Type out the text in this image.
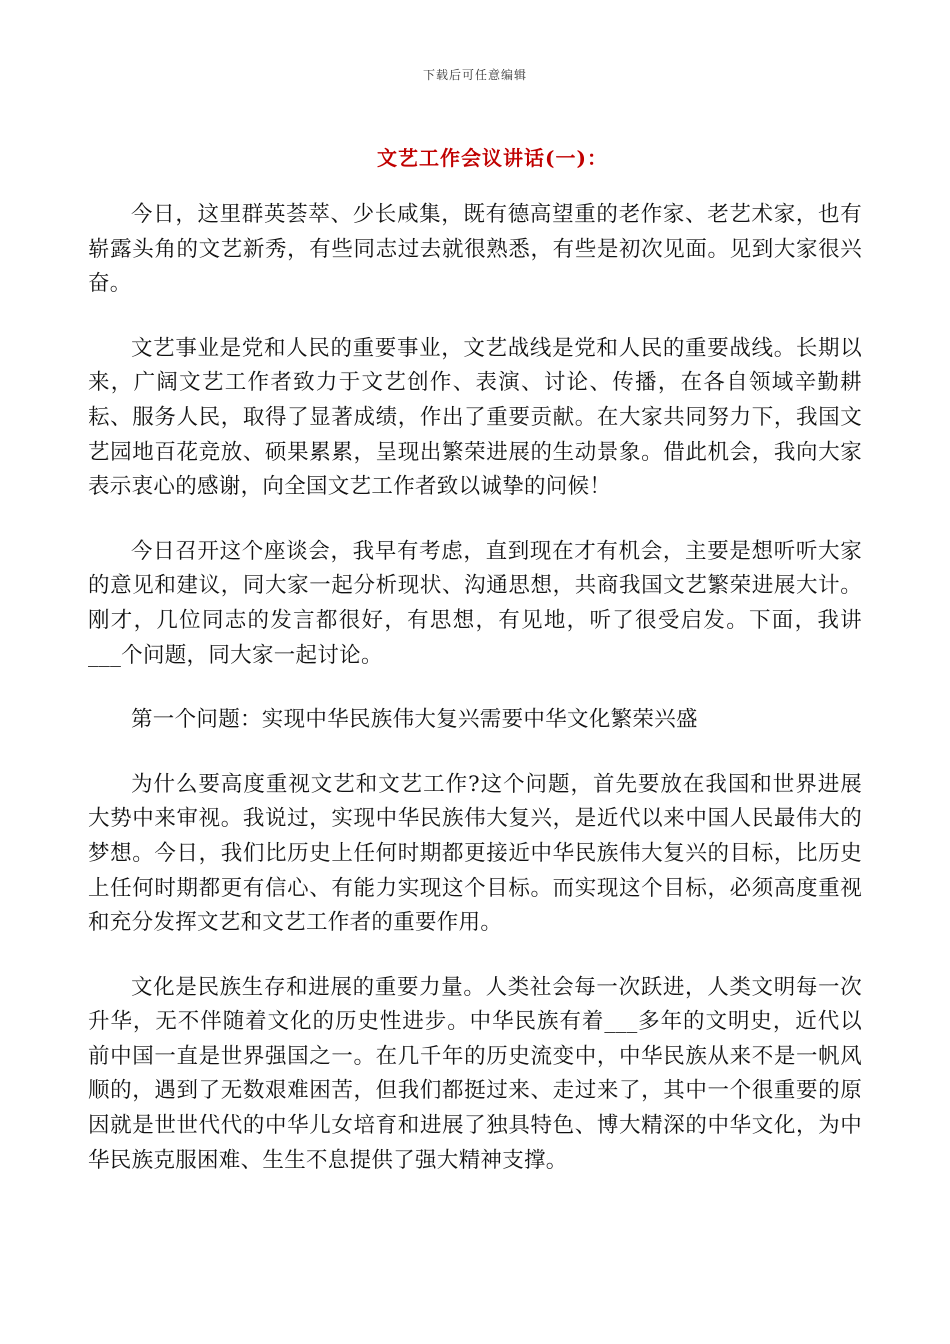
下载后可任意编辑
文艺工作会议讲话(一)：

今日，这里群英荟萃、少长咸集，既有德高望重的老作家、老艺术家，也有崭露头角的文艺新秀，有些同志过去就很熟悉，有些是初次见面。见到大家很兴奋。

文艺事业是党和人民的重要事业，文艺战线是党和人民的重要战线。长期以来，广阔文艺工作者致力于文艺创作、表演、讨论、传播，在各自领域辛勤耕耘、服务人民，取得了显著成绩，作出了重要贡献。在大家共同努力下，我国文艺园地百花竞放、硕果累累，呈现出繁荣进展的生动景象。借此机会，我向大家表示衷心的感谢，向全国文艺工作者致以诚挚的问候！

今日召开这个座谈会，我早有考虑，直到现在才有机会，主要是想听听大家的意见和建议，同大家一起分析现状、沟通思想，共商我国文艺繁荣进展大计。刚才，几位同志的发言都很好，有思想，有见地，听了很受启发。下面，我讲___个问题，同大家一起讨论。

第一个问题：实现中华民族伟大复兴需要中华文化繁荣兴盛

为什么要高度重视文艺和文艺工作?这个问题，首先要放在我国和世界进展大势中来审视。我说过，实现中华民族伟大复兴，是近代以来中国人民最伟大的梦想。今日，我们比历史上任何时期都更接近中华民族伟大复兴的目标，比历史上任何时期都更有信心、有能力实现这个目标。而实现这个目标，必须高度重视和充分发挥文艺和文艺工作者的重要作用。

文化是民族生存和进展的重要力量。人类社会每一次跃进，人类文明每一次升华，无不伴随着文化的历史性进步。中华民族有着___多年的文明史，近代以前中国一直是世界强国之一。在几千年的历史流变中，中华民族从来不是一帆风顺的，遇到了无数艰难困苦，但我们都挺过来、走过来了，其中一个很重要的原因就是世世代代的中华儿女培育和进展了独具特色、博大精深的中华文化，为中华民族克服困难、生生不息提供了强大精神支撑。
